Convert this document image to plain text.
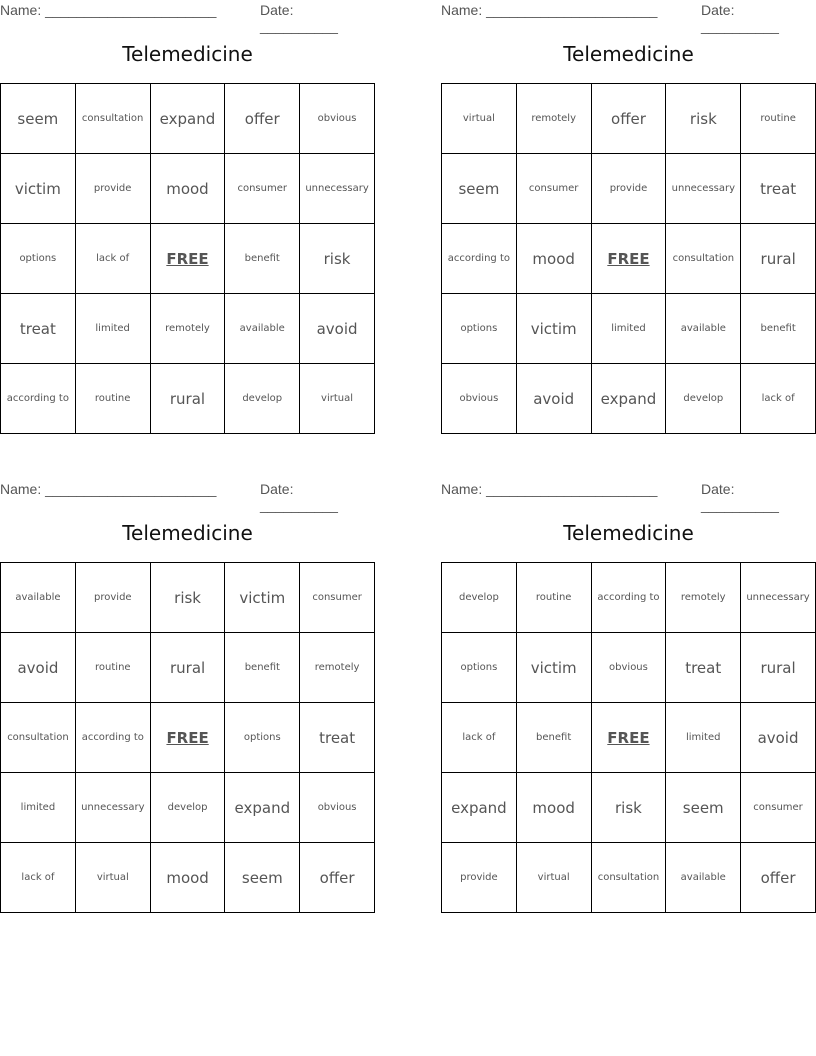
Name: ______________________	Date: __________
Telemedicine
seem	consultation	expand	offer	obvious
victim	provide	mood	consumer	unnecessary
options	lack of	FREE	benefit	risk
treat	limited	remotely	available	avoid
according to	routine	rural	develop	virtual
Name: ______________________	Date: __________
Telemedicine
virtual	remotely	offer	risk	routine
seem	consumer	provide	unnecessary	treat
according to	mood	FREE	consultation	rural
options	victim	limited	available	benefit
obvious	avoid	expand	develop	lack of
Name: ______________________	Date: __________
Telemedicine
available	provide	risk	victim	consumer
avoid	routine	rural	benefit	remotely
consultation	according to	FREE	options	treat
limited	unnecessary	develop	expand	obvious
lack of	virtual	mood	seem	offer
Name: ______________________	Date: __________
Telemedicine
develop	routine	according to	remotely	unnecessary
options	victim	obvious	treat	rural
lack of	benefit	FREE	limited	avoid
expand	mood	risk	seem	consumer
provide	virtual	consultation	available	offer
